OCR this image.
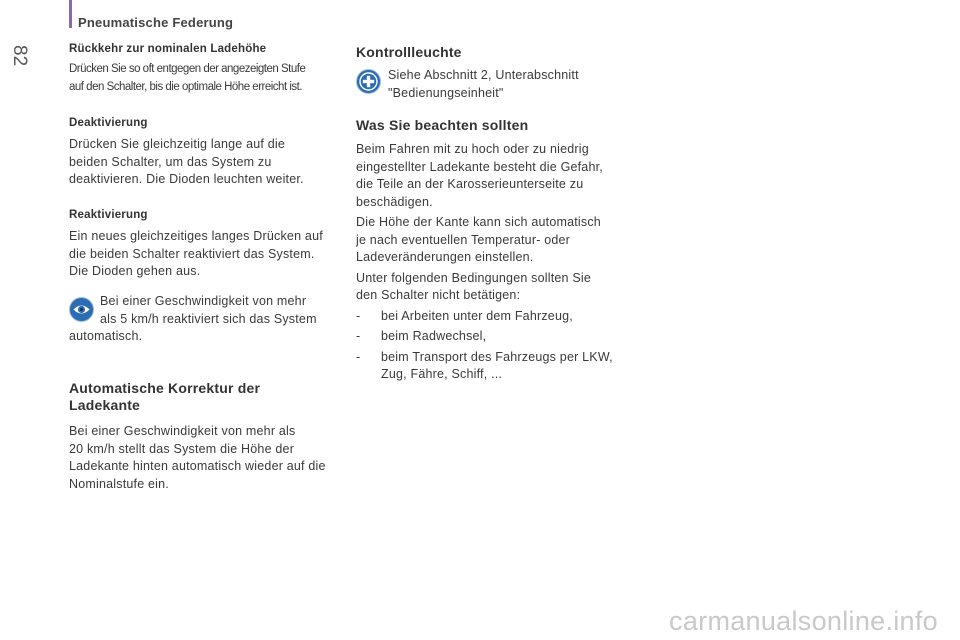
Pneumatische Federung
82	Rückkehr zur nominalen Ladehöhe

Drücken Sie so oft entgegen der angezeigten Stufe
auf den Schalter, bis die optimale Höhe erreicht ist.

Deaktivierung

Drücken Sie gleichzeitig lange auf die
beiden Schalter, um das System zu
deaktivieren. Die Dioden leuchten weiter.

Reaktivierung

Ein neues gleichzeitiges langes Drücken auf
die beiden Schalter reaktiviert das System.
Die Dioden gehen aus.

Bei einer Geschwindigkeit von mehr
als 5 km/h reaktiviert sich das System
automatisch.

Automatische Korrektur der
Ladekante

Bei einer Geschwindigkeit von mehr als
20 km/h stellt das System die Höhe der
Ladekante hinten automatisch wieder auf die
Nominalstufe ein.

Kontrollleuchte

Siehe Abschnitt 2, Unterabschnitt
"Bedienungseinheit"

Was Sie beachten sollten

Beim Fahren mit zu hoch oder zu niedrig
eingestellter Ladekante besteht die Gefahr,
die Teile an der Karosserieunterseite zu
beschädigen.

Die Höhe der Kante kann sich automatisch
je nach eventuellen Temperatur- oder
Ladeveränderungen einstellen.

Unter folgenden Bedingungen sollten Sie
den Schalter nicht betätigen:

- bei Arbeiten unter dem Fahrzeug,

- beim Radwechsel,

- beim Transport des Fahrzeugs per LKW,
Zug, Fähre, Schiff, ...

carmanualsonline.info
